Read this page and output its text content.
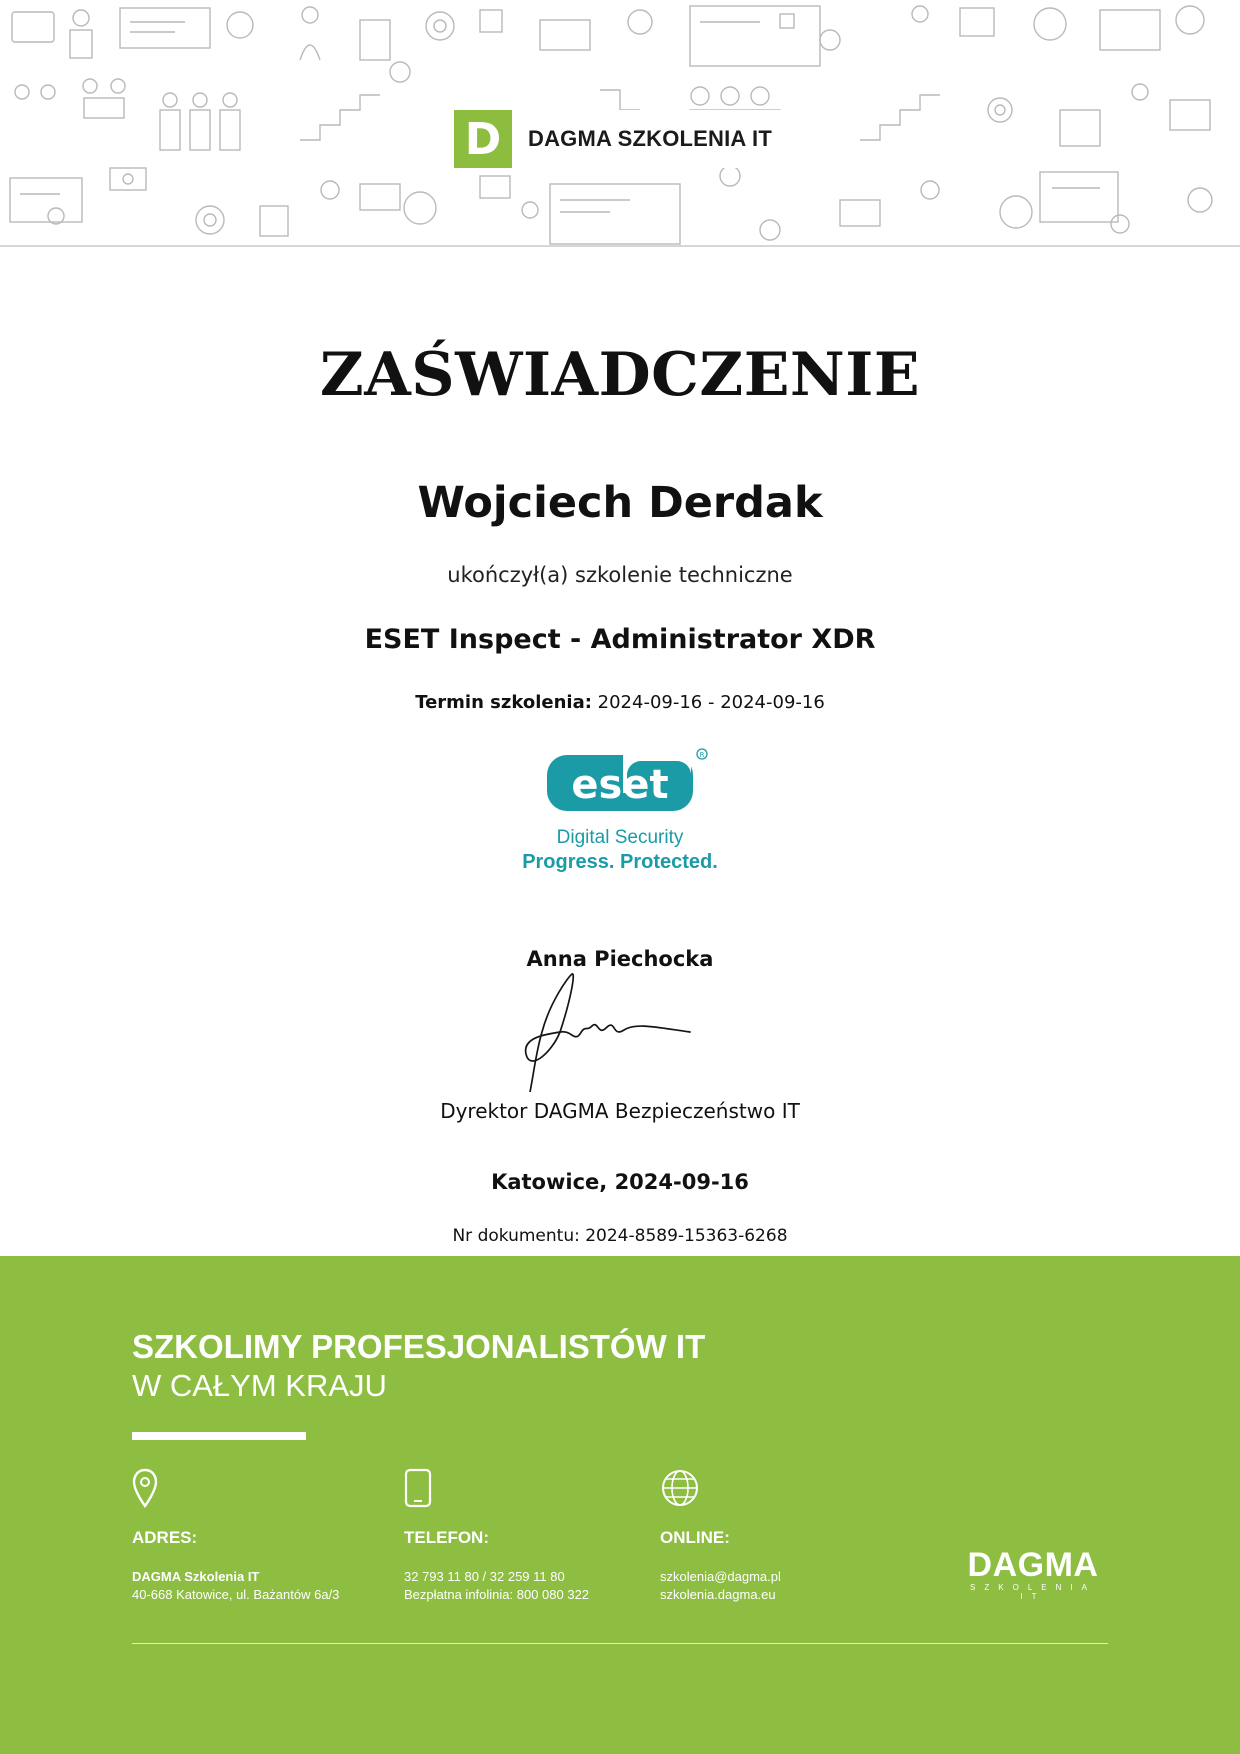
D	DAGMA SZKOLENIA IT
ZAŚWIADCZENIE
Wojciech Derdak
ukończył(a) szkolenie techniczne
ESET Inspect - Administrator XDR
Termin szkolenia: 2024-09-16 - 2024-09-16
eset
R
Digital Security
Progress. Protected.
Anna Piechocka
Dyrektor DAGMA Bezpieczeństwo IT
Katowice, 2024-09-16
Nr dokumentu: 2024-8589-15363-6268
SZKOLIMY PROFESJONALISTÓW IT
W CAŁYM KRAJU
ADRES:
DAGMA Szkolenia IT
40-668 Katowice, ul. Bażantów 6a/3
TELEFON:
32 793 11 80 / 32 259 11 80
Bezpłatna infolinia: 800 080 322
ONLINE:
szkolenia@dagma.pl
szkolenia.dagma.eu
DAGMA
SZKOLENIA IT
